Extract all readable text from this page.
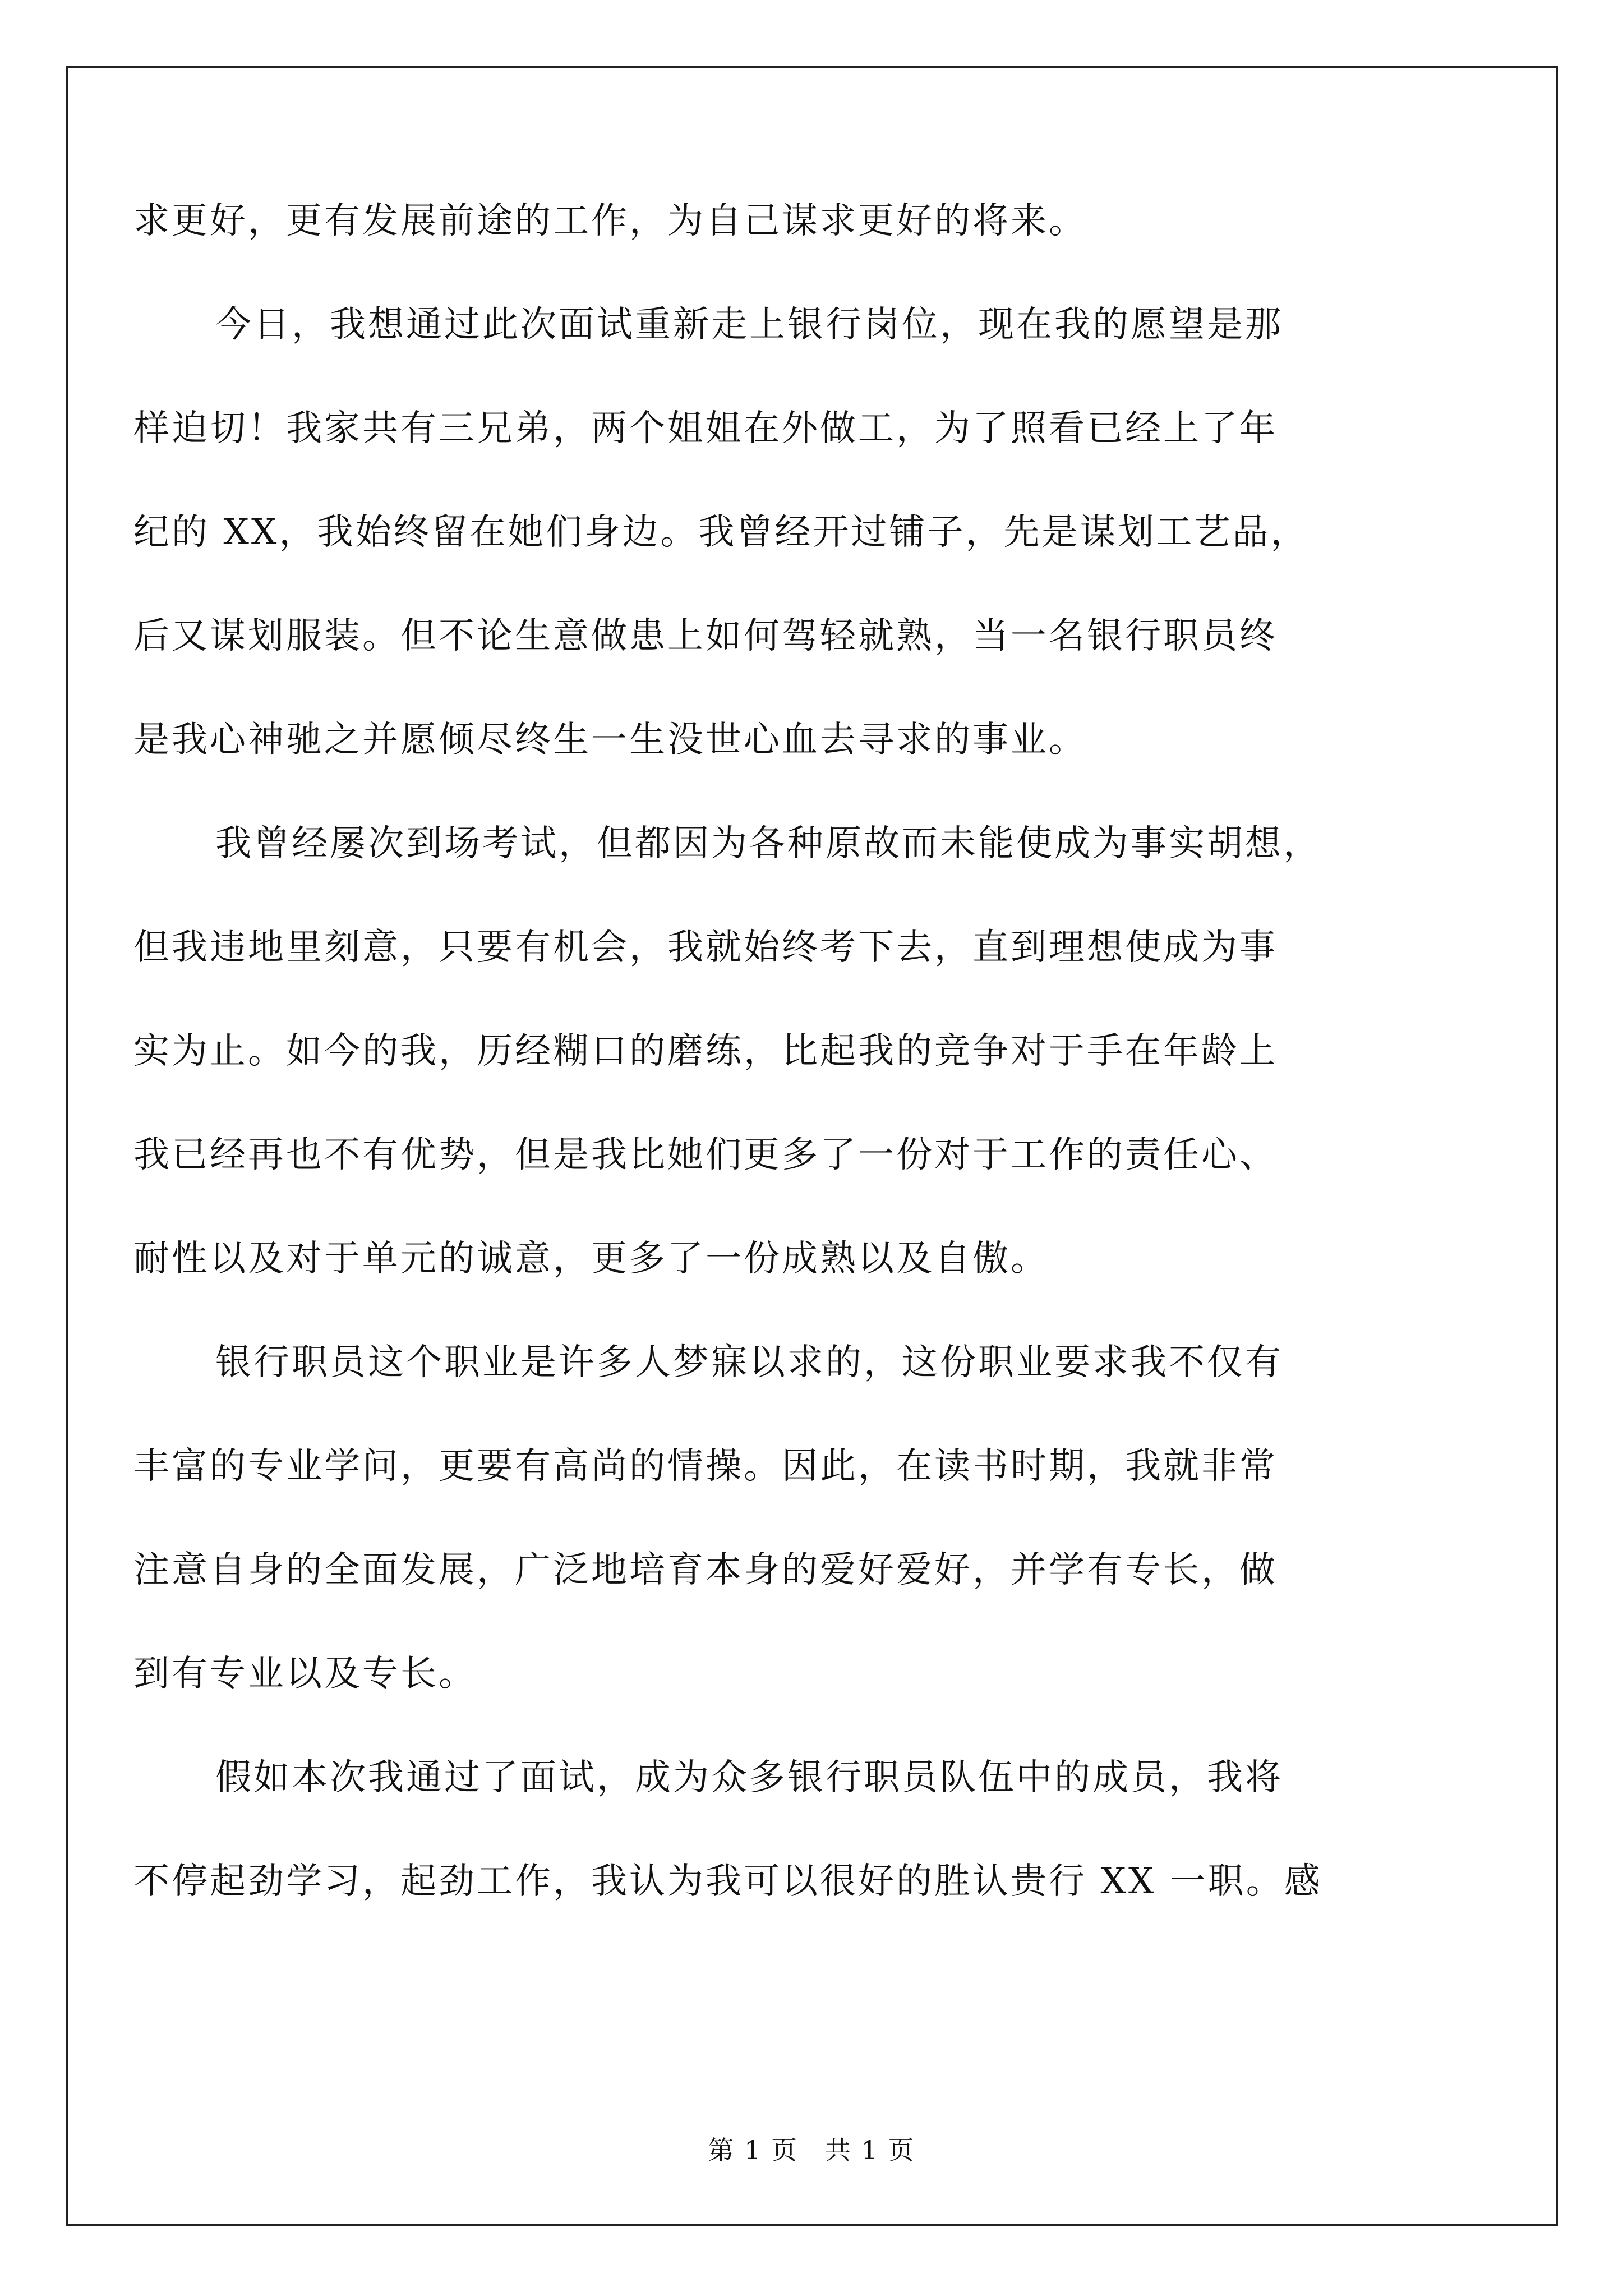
求更好，更有发展前途的工作，为自己谋求更好的将来。
今日，我想通过此次面试重新走上银行岗位，现在我的愿望是那
样迫切！我家共有三兄弟，两个姐姐在外做工，为了照看已经上了年
纪的 XX，我始终留在她们身边。我曾经开过铺子，先是谋划工艺品，
后又谋划服装。但不论生意做患上如何驾轻就熟，当一名银行职员终
是我心神驰之并愿倾尽终生一生没世心血去寻求的事业。
我曾经屡次到场考试，但都因为各种原故而未能使成为事实胡想，
但我违地里刻意，只要有机会，我就始终考下去，直到理想使成为事
实为止。如今的我，历经糊口的磨练，比起我的竞争对于手在年龄上
我已经再也不有优势，但是我比她们更多了一份对于工作的责任心、
耐性以及对于单元的诚意，更多了一份成熟以及自傲。
银行职员这个职业是许多人梦寐以求的，这份职业要求我不仅有
丰富的专业学问，更要有高尚的情操。因此，在读书时期，我就非常
注意自身的全面发展，广泛地培育本身的爱好爱好，并学有专长，做
到有专业以及专长。
假如本次我通过了面试，成为众多银行职员队伍中的成员，我将
不停起劲学习，起劲工作，我认为我可以很好的胜认贵行 XX 一职。感
第 1 页　共 1 页
